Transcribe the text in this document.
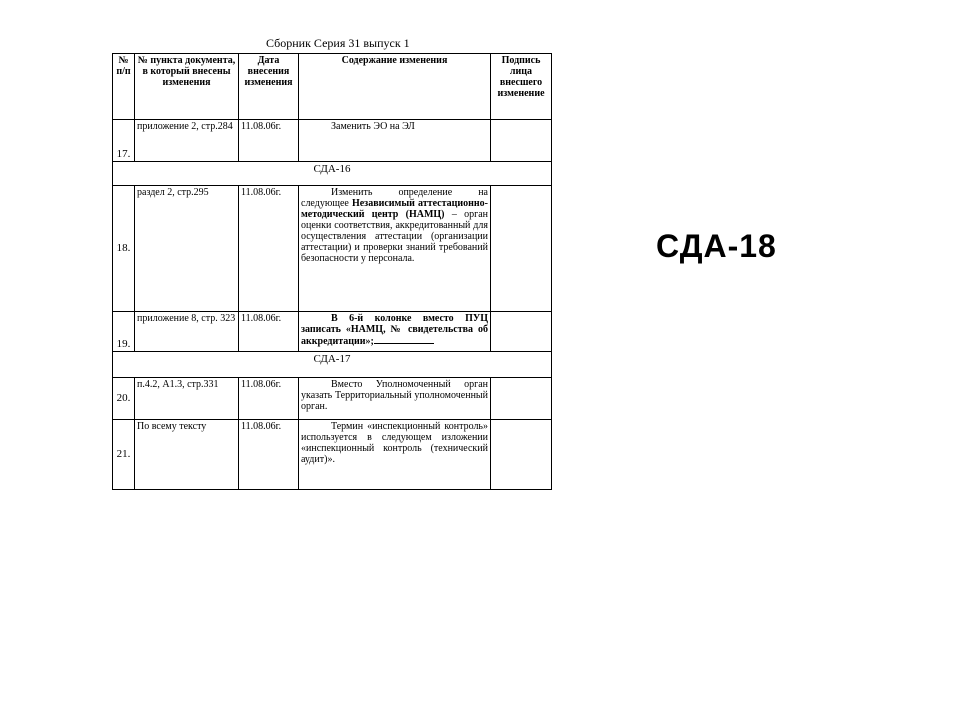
Сборник Серия 31 выпуск 1
№ п/п	№ пункта документа, в который внесены изменения	Дата внесения изменения	Содержание изменения	Подпись лица внесшего изменение
17.	приложение 2, стр.284	11.08.06г.	Заменить ЭО на ЭЛ	
СДА-16				
18.	раздел 2, стр.295	11.08.06г.	Изменить определение на следующее Независимый аттестационно-методический центр (НАМЦ) – орган оценки соответствия, аккредитованный для осуществления аттестации (организации аттестации) и проверки знаний требований безопасности у персонала.	

19.	приложение 8, стр. 323	11.08.06г.	В 6-й колонке вместо ПУЦ записать «НАМЦ, № свидетельства об аккредитации»;	
СДА-17				
20.	п.4.2, А1.3, стр.331	11.08.06г.	Вместо Уполномоченный орган указать Территориальный уполномоченный орган.	
21.	По всему тексту	11.08.06г.	Термин «инспекционный контроль» используется в следующем изложении «инспекционный контроль (технический аудит)».	
СДА-18
